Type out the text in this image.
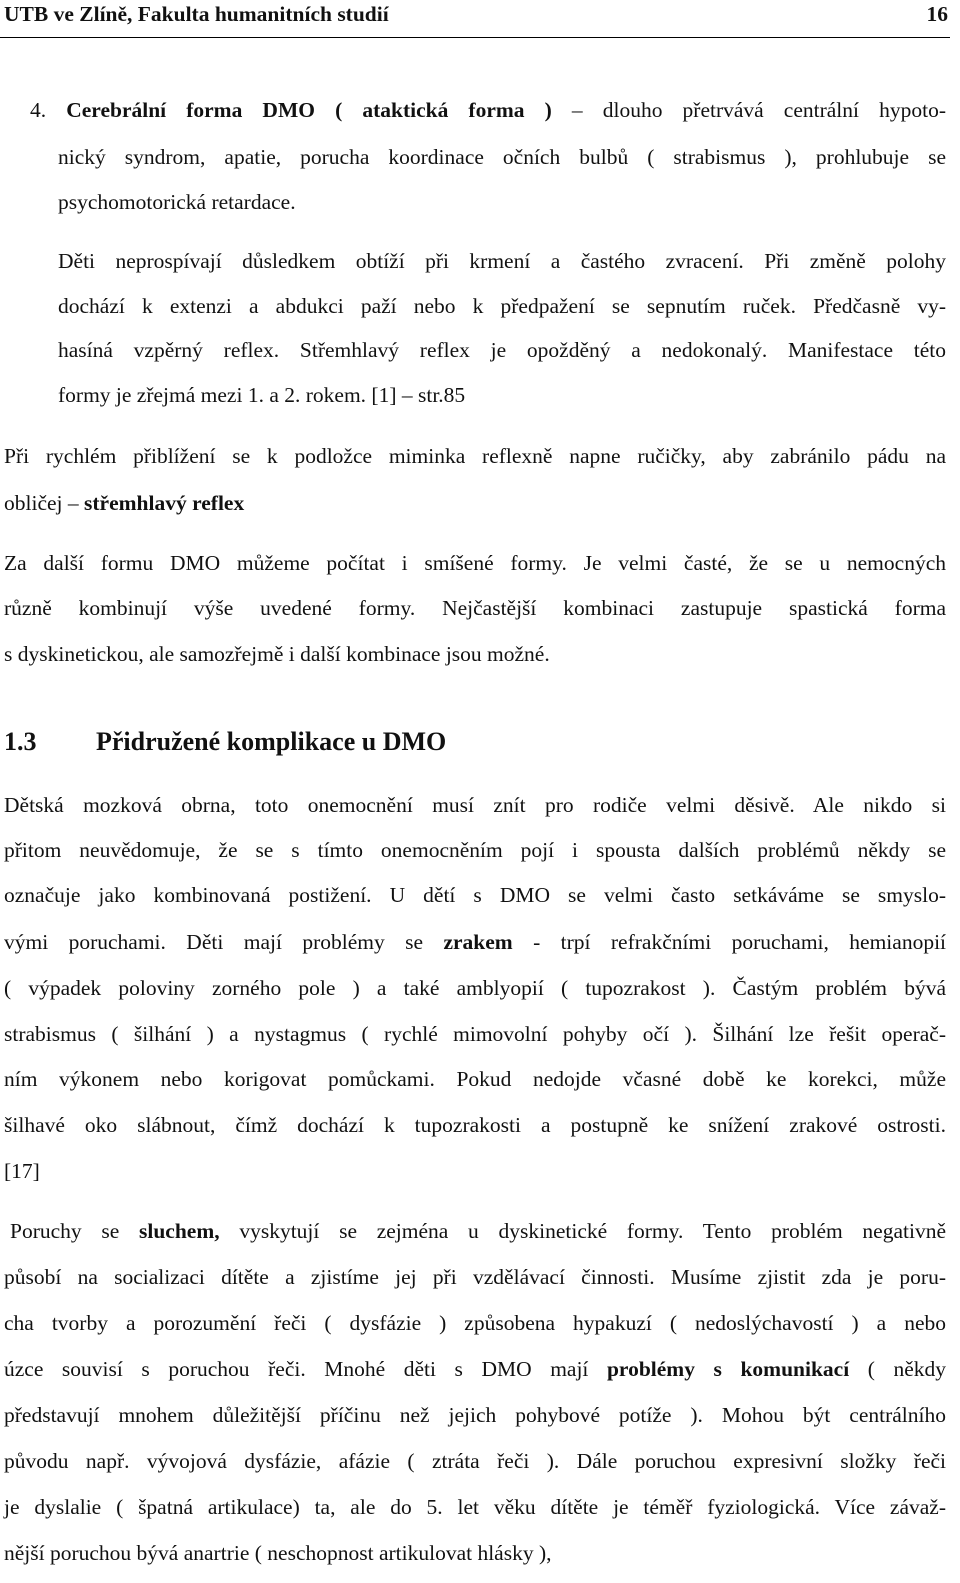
UTB ve Zlíně, Fakulta humanitních studií	16
4. Cerebrální forma DMO ( ataktická forma ) – dlouho přetrvává centrální hypoto-
nický syndrom, apatie, porucha koordinace očních bulbů ( strabismus ), prohlubuje se
psychomotorická retardace.
Děti neprospívají důsledkem obtíží při krmení a častého zvracení. Při změně polohy
dochází k extenzi a abdukci paží nebo k předpažení se sepnutím ruček. Předčasně vy-
hasíná vzpěrný reflex. Střemhlavý reflex je opožděný a nedokonalý. Manifestace této
formy je zřejmá mezi 1. a 2. rokem. [1] – str.85
Při rychlém přiblížení se k podložce miminka reflexně napne ručičky, aby zabránilo pádu na
obličej – střemhlavý reflex
Za další formu DMO můžeme počítat i smíšené formy. Je velmi časté, že se u nemocných
různě kombinují výše uvedené formy. Nejčastější kombinaci zastupuje spastická forma
s dyskinetickou, ale samozřejmě i další kombinace jsou možné.
1.3 Přidružené komplikace u DMO
Dětská mozková obrna, toto onemocnění musí znít pro rodiče velmi děsivě. Ale nikdo si
přitom neuvědomuje, že se s tímto onemocněním pojí i spousta dalších problémů někdy se
označuje jako kombinovaná postižení. U dětí s DMO se velmi často setkáváme se smyslo-
vými poruchami. Děti mají problémy se zrakem - trpí refrakčními poruchami, hemianopií
( výpadek poloviny zorného pole ) a také amblyopií ( tupozrakost ). Častým problém bývá
strabismus ( šilhání ) a nystagmus ( rychlé mimovolní pohyby očí ). Šilhání lze řešit operač-
ním výkonem nebo korigovat pomůckami. Pokud nedojde včasné době ke korekci, může
šilhavé oko slábnout, čímž dochází k tupozrakosti a postupně ke snížení zrakové ostrosti.
[17]
Poruchy se sluchem, vyskytují se zejména u dyskinetické formy. Tento problém negativně
působí na socializaci dítěte a zjistíme jej při vzdělávací činnosti. Musíme zjistit zda je poru-
cha tvorby a porozumění řeči ( dysfázie ) způsobena hypakuzí ( nedoslýchavostí ) a nebo
úzce souvisí s poruchou řeči. Mnohé děti s DMO mají problémy s komunikací ( někdy
představují mnohem důležitější příčinu než jejich pohybové potíže ). Mohou být centrálního
původu např. vývojová dysfázie, afázie ( ztráta řeči ). Dále poruchou expresivní složky řeči
je dyslalie ( špatná artikulace) ta, ale do 5. let věku dítěte je téměř fyziologická. Více závaž-
nější poruchou bývá anartrie ( neschopnost artikulovat hlásky ),
